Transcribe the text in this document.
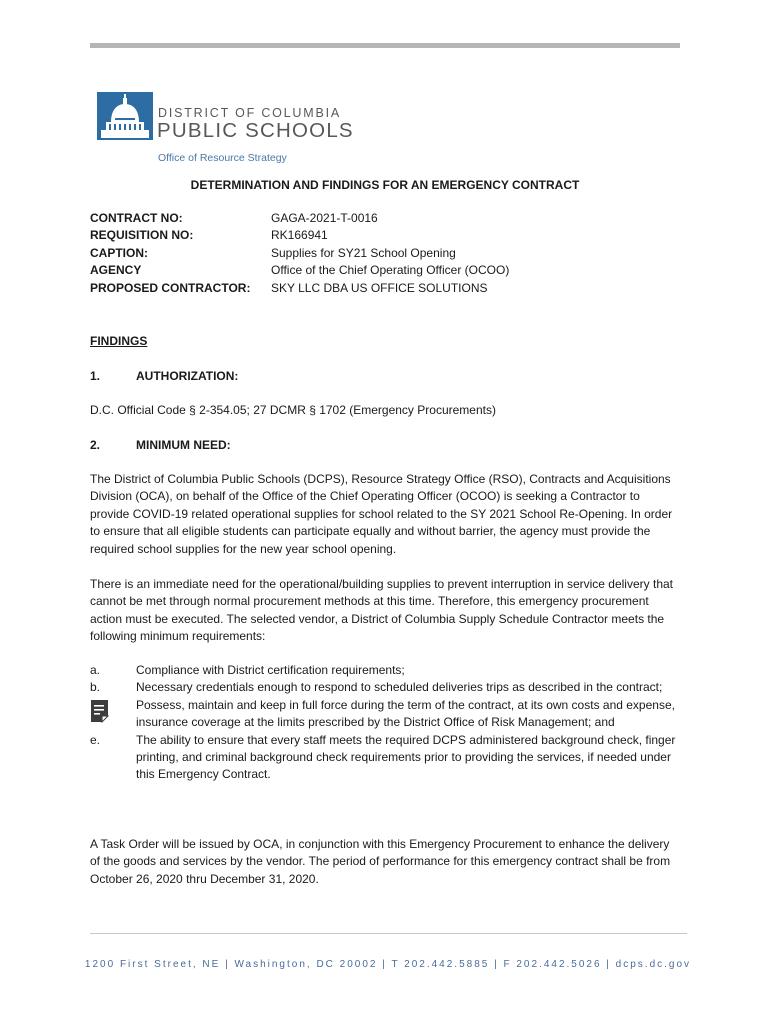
DISTRICT OF COLUMBIA
PUBLIC SCHOOLS
Office of Resource Strategy
DETERMINATION AND FINDINGS FOR AN EMERGENCY CONTRACT
CONTRACT NO:	GAGA-2021-T-0016
REQUISITION NO:	RK166941
CAPTION:	Supplies for SY21 School Opening
AGENCY	Office of the Chief Operating Officer (OCOO)
PROPOSED CONTRACTOR:	SKY LLC DBA US OFFICE SOLUTIONS
FINDINGS
1.	AUTHORIZATION:
D.C. Official Code § 2-354.05; 27 DCMR § 1702 (Emergency Procurements)
2.	MINIMUM NEED:
The District of Columbia Public Schools (DCPS), Resource Strategy Office (RSO), Contracts and Acquisitions Division (OCA), on behalf of the Office of the Chief Operating Officer (OCOO) is seeking a Contractor to provide COVID-19 related operational supplies for school related to the SY 2021 School Re-Opening. In order to ensure that all eligible students can participate equally and without barrier, the agency must provide the required school supplies for the new year school opening.
There is an immediate need for the operational/building supplies to prevent interruption in service delivery that cannot be met through normal procurement methods at this time. Therefore, this emergency procurement action must be executed. The selected vendor, a District of Columbia Supply Schedule Contractor meets the following minimum requirements:
a.	Compliance with District certification requirements;
b.	Necessary credentials enough to respond to scheduled deliveries trips as described in the contract;
Possess, maintain and keep in full force during the term of the contract, at its own costs and expense, insurance coverage at the limits prescribed by the District Office of Risk Management; and
e.	The ability to ensure that every staff meets the required DCPS administered background check, finger printing, and criminal background check requirements prior to providing the services, if needed under this Emergency Contract.
A Task Order will be issued by OCA, in conjunction with this Emergency Procurement to enhance the delivery of the goods and services by the vendor. The period of performance for this emergency contract shall be from October 26, 2020 thru December 31, 2020.
1200 First Street, NE | Washington, DC 20002 | T 202.442.5885 | F 202.442.5026 | dcps.dc.gov
